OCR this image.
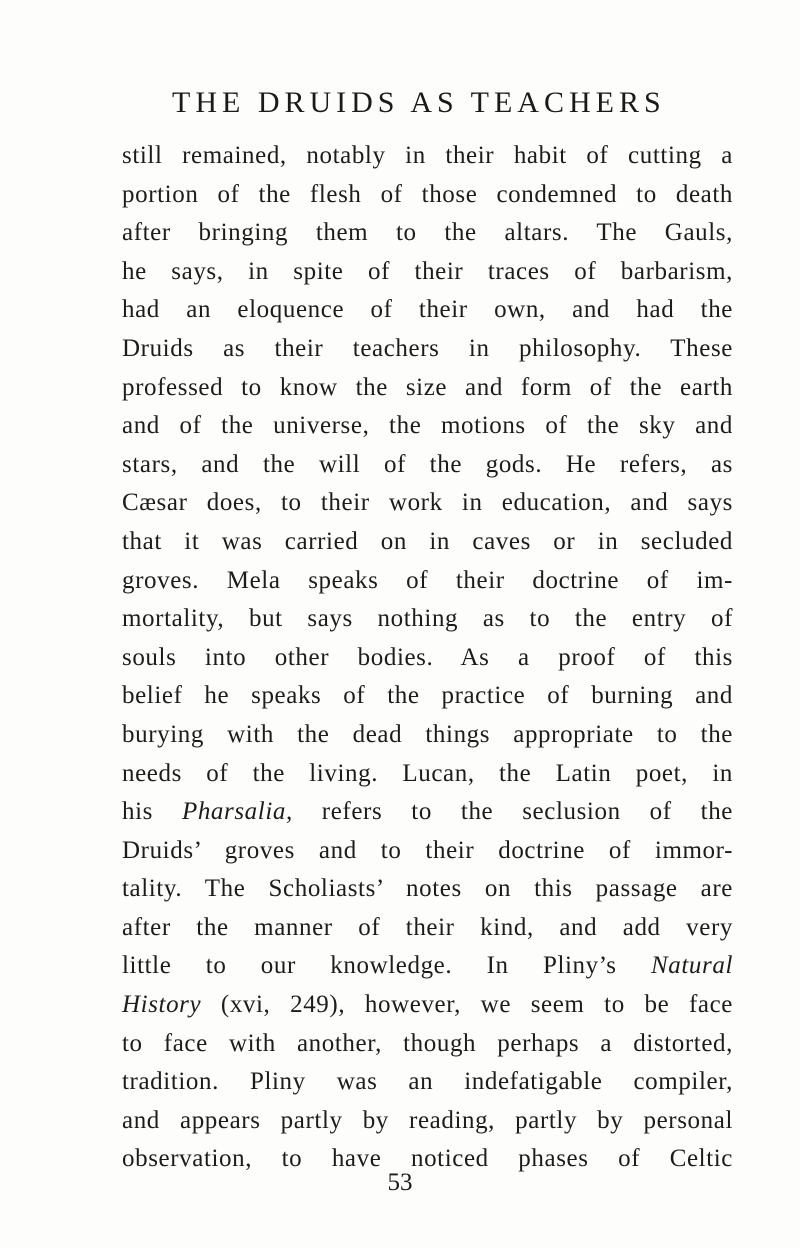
THE DRUIDS AS TEACHERS
still remained, notably in their habit of cutting a
portion of the flesh of those condemned to death
after bringing them to the altars. The Gauls,
he says, in spite of their traces of barbarism,
had an eloquence of their own, and had the
Druids as their teachers in philosophy. These
professed to know the size and form of the earth
and of the universe, the motions of the sky and
stars, and the will of the gods. He refers, as
Cæsar does, to their work in education, and says
that it was carried on in caves or in secluded
groves. Mela speaks of their doctrine of im-
mortality, but says nothing as to the entry of
souls into other bodies. As a proof of this
belief he speaks of the practice of burning and
burying with the dead things appropriate to the
needs of the living. Lucan, the Latin poet, in
his Pharsalia, refers to the seclusion of the
Druids’ groves and to their doctrine of immor-
tality. The Scholiasts’ notes on this passage are
after the manner of their kind, and add very
little to our knowledge. In Pliny’s Natural
History (xvi, 249), however, we seem to be face
to face with another, though perhaps a distorted,
tradition. Pliny was an indefatigable compiler,
and appears partly by reading, partly by personal
observation, to have noticed phases of Celtic
53
